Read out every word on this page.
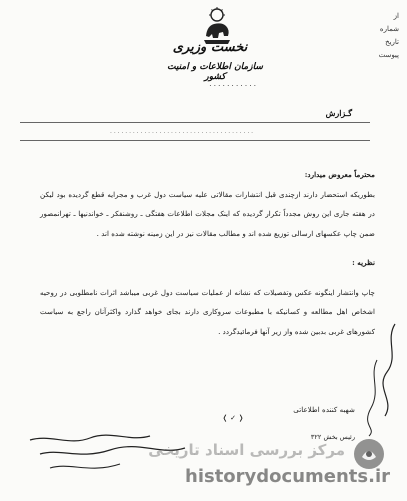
از
شماره
تاریخ
پیوست
نخست وزیری
سازمان اطلاعات و امنیت کشور
. . . . . . . . . . .
گـزارش
. . . . . . . . . . . . . . . . . . . . . . . . . . . . . . . . . . . . . .

محترماً معروض میدارد:

بطوریکه استحضار دارند ازچندی قبل انتشارات مقالاتی علیه سیاست دول غرب و مجرایه قطع گردیده بود لیکن در هفته جاری این روش مجدداً تکرار گردیده که اینک مجلات اطلاعات هفتگی ـ روشنفکر ـ خواندنیها ـ تهرانمصور ضمن چاپ عکسهای ارسالی توزیع شده اند و مطالب مقالات نیز در این زمینه نوشته شده اند .

نظریه :

چاپ وانتشار اینگونه عکس وتفصیلات که نشانه از عملیات سیاست دول غربی میباشد اثرات نامطلوبی در روحیه اشخاص اهل مطالعه و کسانیکه با مطبوعات سروکاری دارند بجای خواهد گذارد واکثرآنان راجع به سیاست کشورهای غربی بدبین شده واز زیر آنها فرمائیدگردد .

شهبه کننده اطلاعاتی
❬ ✓ ❭
رئیس بخش ۳۲۲
مرکز بررسی اسناد تاریخی
historydocuments.ir
